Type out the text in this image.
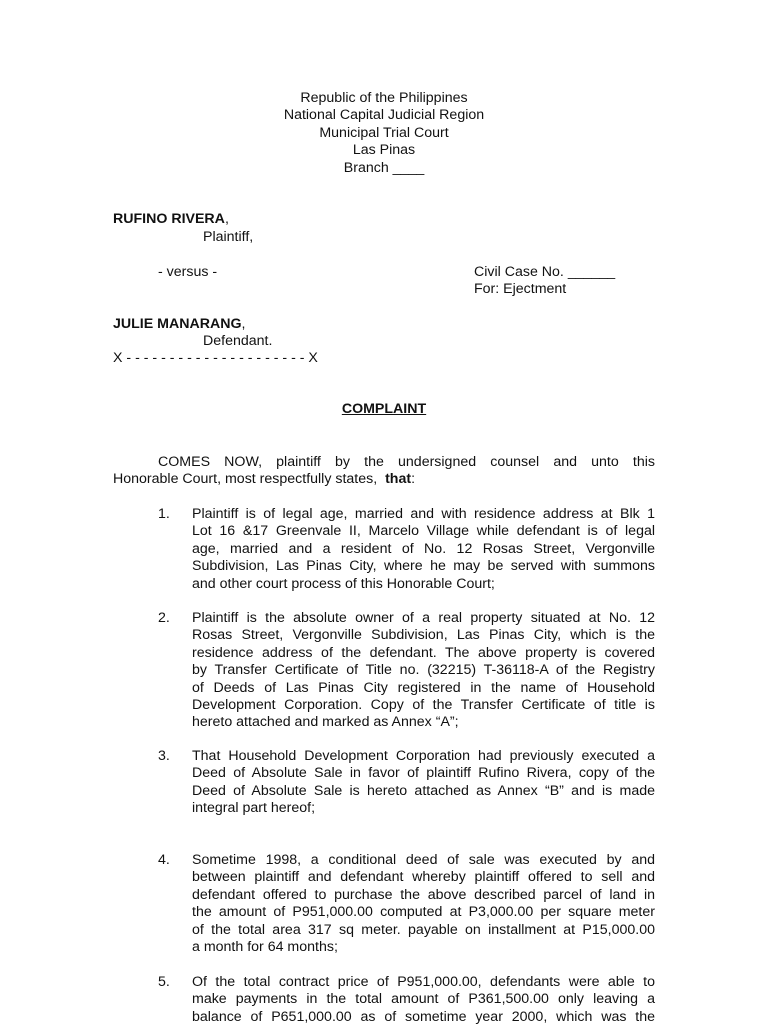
Republic of the Philippines
National Capital Judicial Region
Municipal Trial Court
Las Pinas
Branch ____
RUFINO RIVERA,
Plaintiff,
- versus -	Civil Case No. ______
For: Ejectment
JULIE MANARANG,
Defendant.
X - - - - - - - - - - - - - - - - - - - - - X
COMPLAINT
COMES NOW, plaintiff by the undersigned counsel and unto this
Honorable Court, most respectfully states, that:
1.	Plaintiff is of legal age, married and with residence address at Blk 1
Lot 16 &17 Greenvale II, Marcelo Village while defendant is of legal
age, married and a resident of No. 12 Rosas Street, Vergonville
Subdivision, Las Pinas City, where he may be served with summons
and other court process of this Honorable Court;
2.	Plaintiff is the absolute owner of a real property situated at No. 12
Rosas Street, Vergonville Subdivision, Las Pinas City, which is the
residence address of the defendant. The above property is covered
by Transfer Certificate of Title no. (32215) T-36118-A of the Registry
of Deeds of Las Pinas City registered in the name of Household
Development Corporation. Copy of the Transfer Certificate of title is
hereto attached and marked as Annex “A”;
3.	That Household Development Corporation had previously executed a
Deed of Absolute Sale in favor of plaintiff Rufino Rivera, copy of the
Deed of Absolute Sale is hereto attached as Annex “B” and is made
integral part hereof;
4.	Sometime 1998, a conditional deed of sale was executed by and
between plaintiff and defendant whereby plaintiff offered to sell and
defendant offered to purchase the above described parcel of land in
the amount of P951,000.00 computed at P3,000.00 per square meter
of the total area 317 sq meter. payable on installment at P15,000.00
a month for 64 months;
5.	Of the total contract price of P951,000.00, defendants were able to
make payments in the total amount of P361,500.00 only leaving a
balance of P651,000.00 as of sometime year 2000, which was the
